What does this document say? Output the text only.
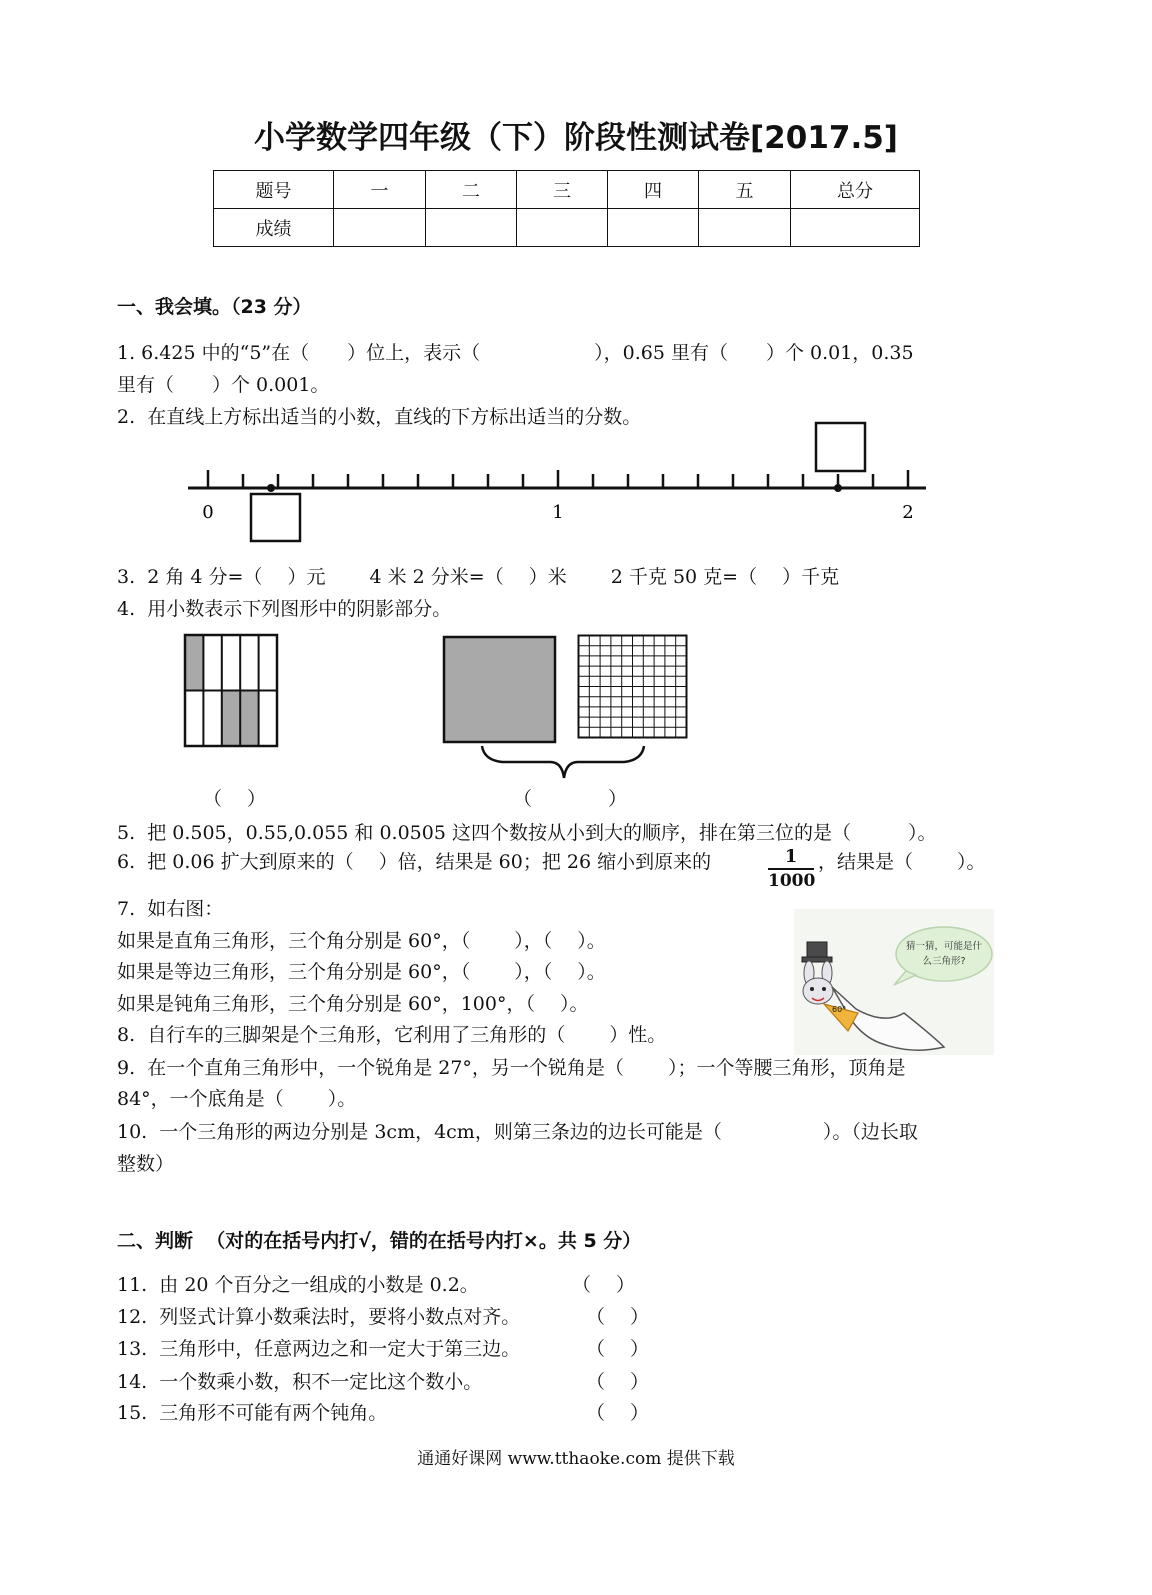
小学数学四年级（下）阶段性测试卷[2017.5]
题号	一	二	三	四	五	总分
成绩						
一、我会填。（23 分）
1. 6.425 中的“5”在（　　）位上，表示（　　　　　　），0.65 里有（　　）个 0.01，0.35
里有（　　）个 0.001。
2.  在直线上方标出适当的小数，直线的下方标出适当的分数。
0	1	2
3.  2 角 4 分=（　 ）元　　 4 米 2 分米=（　 ）米　　 2 千克 50 克=（　 ）千克
4.  用小数表示下列图形中的阴影部分。
（　 ）	（　　　　）
5.  把 0.505，0.55,0.055 和 0.0505 这四个数按从小到大的顺序，排在第三位的是（　　　）。
6.  把 0.06 扩大到原来的（　 ）倍，结果是 60；把 26 缩小到原来的	$\frac{1}{1000}$ ，结果是（　　 ）。
7.  如右图：
如果是直角三角形，三个角分别是 60°，（　　 ），（　 ）。
如果是等边三角形，三个角分别是 60°，（　　 ），（　 ）。
如果是钝角三角形，三个角分别是 60°，100°，（　 ）。
猜一猜，可能是什
么三角形?
60°
8.  自行车的三脚架是个三角形，它利用了三角形的（　　 ）性。
9.  在一个直角三角形中，一个锐角是 27°，另一个锐角是（　　 ）；一个等腰三角形，顶角是
84°，一个底角是（　　 ）。
10.  一个三角形的两边分别是 3cm，4cm，则第三条边的边长可能是（　　　　　 ）。（边长取
整数）
二、判断  （对的在括号内打√，错的在括号内打×。共 5 分）
11.  由 20 个百分之一组成的小数是 0.2。	（　 ）
12.  列竖式计算小数乘法时，要将小数点对齐。	（　 ）
13.  三角形中，任意两边之和一定大于第三边。	（　 ）
14.  一个数乘小数，积不一定比这个数小。	（　 ）
15.  三角形不可能有两个钝角。	（　 ）
通通好课网 www.tthaoke.com 提供下载
